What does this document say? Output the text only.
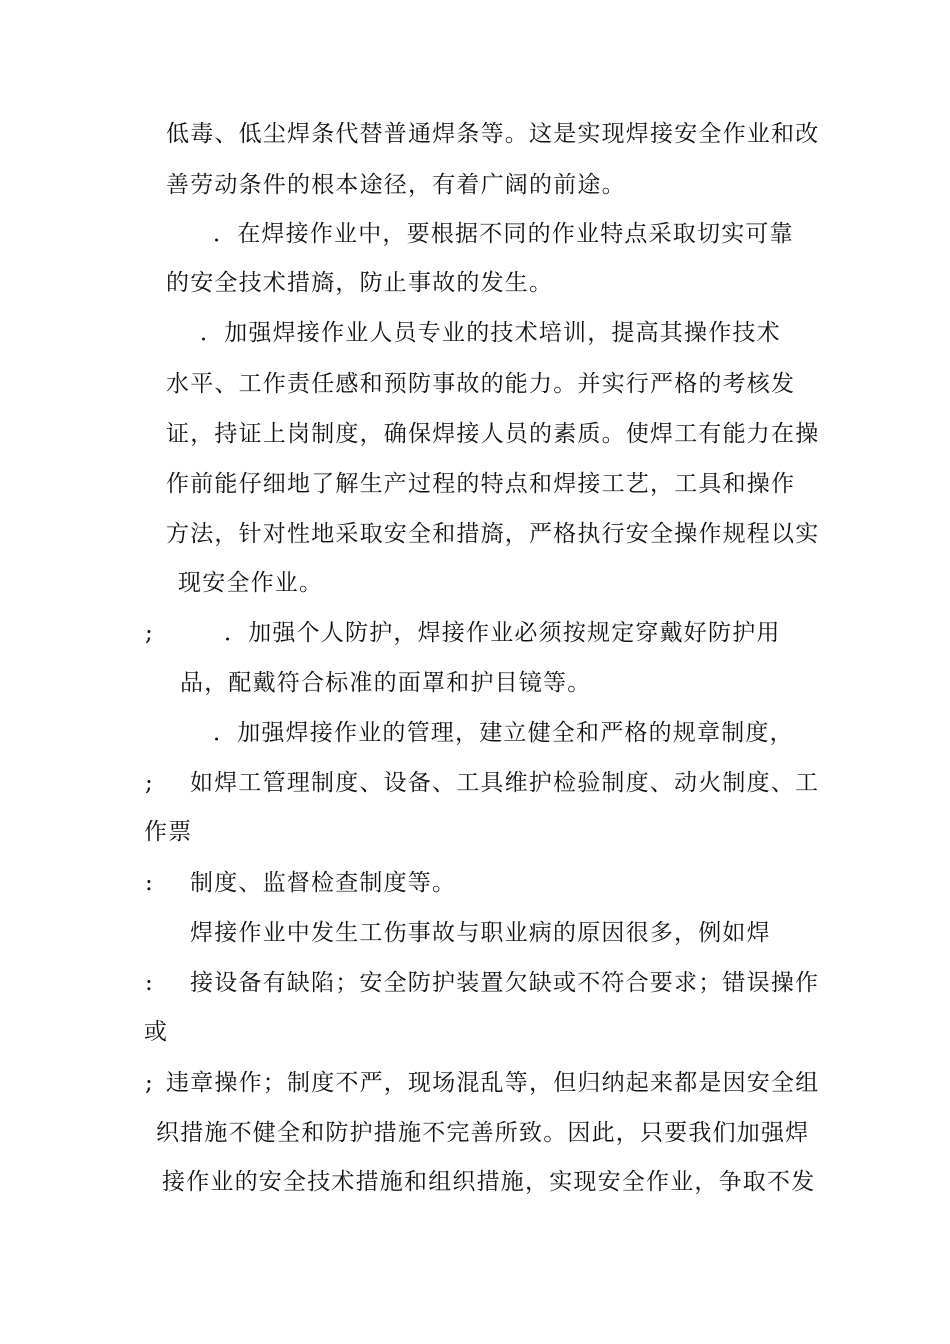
低毒、低尘焊条代替普通焊条等。这是实现焊接安全作业和改
善劳动条件的根本途径，有着广阔的前途。
．在焊接作业中，要根据不同的作业特点采取切实可靠
的安全技术措旖，防止事故的发生。
．加强焊接作业人员专业的技术培训，提高其操作技术
水平、工作责任感和预防事故的能力。并实行严格的考核发
证，持证上岗制度，确保焊接人员的素质。使焊工有能力在操
作前能仔细地了解生产过程的特点和焊接工艺，工具和操作
方法，针对性地采取安全和措旖，严格执行安全操作规程以实
现安全作业。
;	．加强个人防护，焊接作业必须按规定穿戴好防护用
品，配戴符合标准的面罩和护目镜等。
．加强焊接作业的管理，建立健全和严格的规章制度，
; 如焊工管理制度、设备、工具维护检验制度、动火制度、工
作票
: 制度、监督检查制度等。
焊接作业中发生工伤事故与职业病的原因很多，例如焊
: 接设备有缺陷；安全防护装置欠缺或不符合要求；错误操作
或
; 违章操作；制度不严，现场混乱等，但归纳起来都是因安全组
织措施不健全和防护措施不完善所致。因此，只要我们加强焊
接作业的安全技术措施和组织措施，实现安全作业，争取不发
